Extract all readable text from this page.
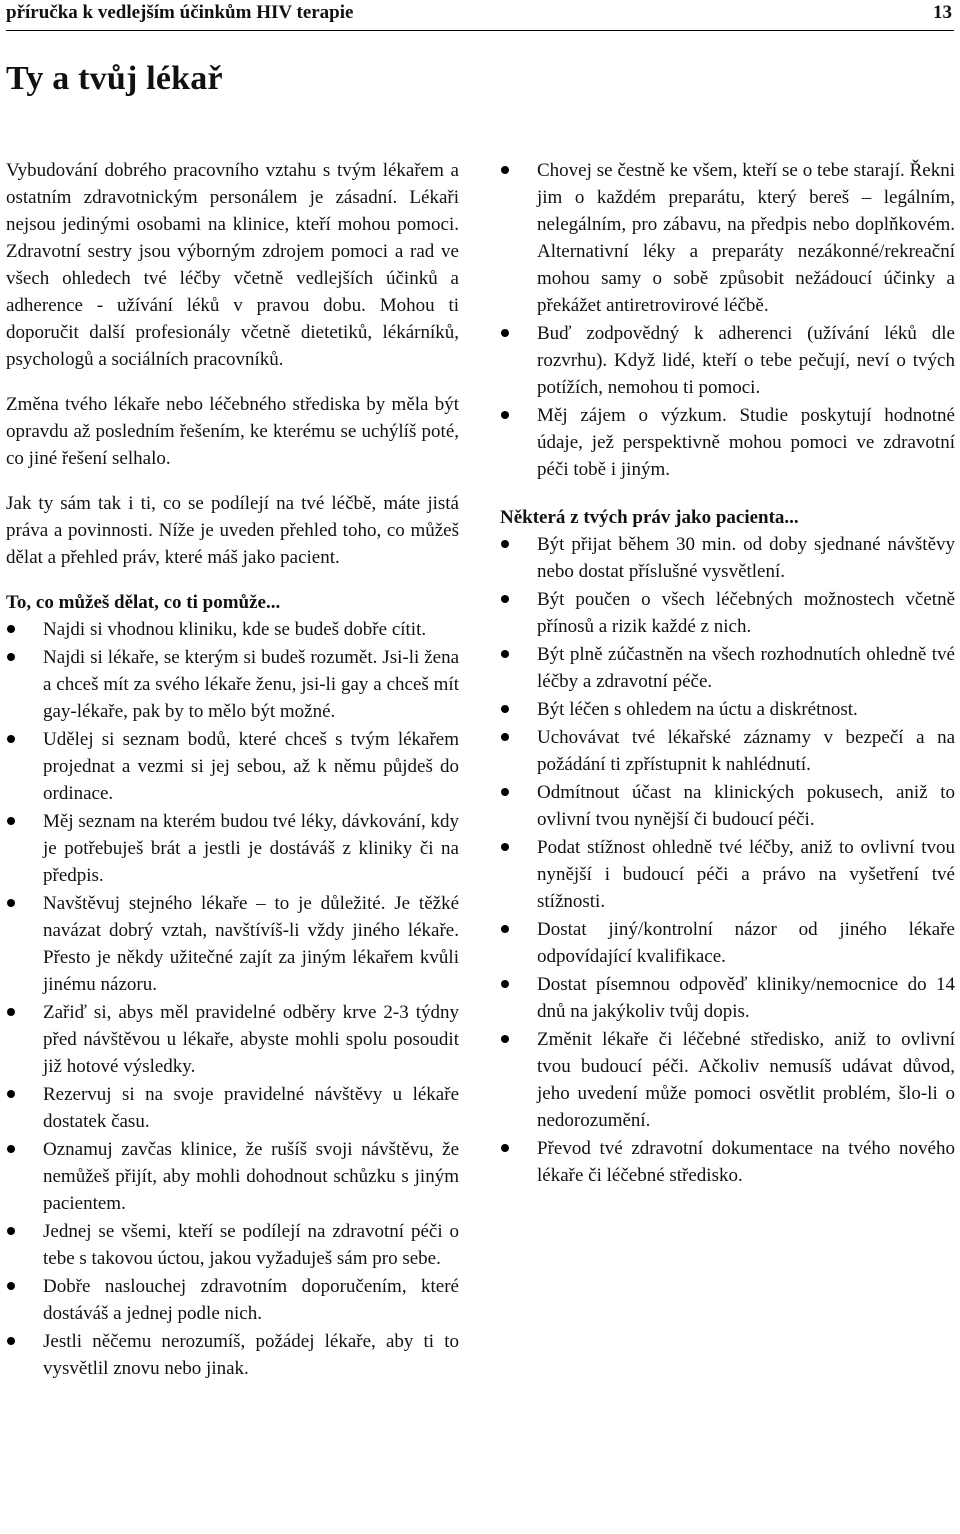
příručka k vedlejším účinkům HIV terapie	13
Ty a tvůj lékař

Vybudování dobrého pracovního vztahu s tvým lékařem a ostatním zdravotnickým personálem je zásadní. Lékaři nejsou jedinými osobami na klinice, kteří mohou pomoci. Zdravotní sestry jsou výborným zdrojem pomoci a rad ve všech ohledech tvé léčby včetně vedlejších účinků a adherence - užívání léků v pravou dobu. Mohou ti doporučit další profesionály včetně dietetiků, lékárníků, psychologů a sociálních pracovníků.

Změna tvého lékaře nebo léčebného střediska by měla být opravdu až posledním řešením, ke kterému se uchýlíš poté, co jiné řešení selhalo.

Jak ty sám tak i ti, co se podílejí na tvé léčbě, máte jistá práva a povinnosti. Níže je uveden přehled toho, co můžeš dělat a přehled práv, které máš jako pacient.

To, co můžeš dělat, co ti pomůže...
Najdi si vhodnou kliniku, kde se budeš dobře cítit.
Najdi si lékaře, se kterým si budeš rozumět. Jsi-li žena a chceš mít za svého lékaře ženu, jsi-li gay a chceš mít gay-lékaře, pak by to mělo být možné.
Udělej si seznam bodů, které chceš s tvým lékařem projednat a vezmi si jej sebou, až k němu půjdeš do ordinace.
Měj seznam na kterém budou tvé léky, dávkování, kdy je potřebuješ brát a jestli je dostáváš z kliniky či na předpis.
Navštěvuj stejného lékaře – to je důležité. Je těžké navázat dobrý vztah, navštívíš-li vždy jiného lékaře. Přesto je někdy užitečné zajít za jiným lékařem kvůli jinému názoru.
Zařiď si, abys měl pravidelné odběry krve 2-3 týdny před návštěvou u lékaře, abyste mohli spolu posoudit již hotové výsledky.
Rezervuj si na svoje pravidelné návštěvy u lékaře dostatek času.
Oznamuj zavčas klinice, že rušíš svoji návštěvu, že nemůžeš přijít, aby mohli dohodnout schůzku s jiným pacientem.
Jednej se všemi, kteří se podílejí na zdravotní péči o tebe s takovou úctou, jakou vyžaduješ sám pro sebe.
Dobře naslouchej zdravotním doporučením, které dostáváš a jednej podle nich.
Jestli něčemu nerozumíš, požádej lékaře, aby ti to vysvětlil znovu nebo jinak.
Chovej se čestně ke všem, kteří se o tebe starají. Řekni jim o každém preparátu, který bereš – legálním, nelegálním, pro zábavu, na předpis nebo doplňkovém. Alternativní léky a preparáty nezákonné/rekreační mohou samy o sobě způsobit nežádoucí účinky a překážet antiretrovirové léčbě.
Buď zodpovědný k adherenci (užívání léků dle rozvrhu). Když lidé, kteří o tebe pečují, neví o tvých potížích, nemohou ti pomoci.
Měj zájem o výzkum. Studie poskytují hodnotné údaje, jež perspektivně mohou pomoci ve zdravotní péči tobě i jiným.
Některá z tvých práv jako pacienta...
Být přijat během 30 min. od doby sjednané návštěvy nebo dostat příslušné vysvětlení.
Být poučen o všech léčebných možnostech včetně přínosů a rizik každé z nich.
Být plně zúčastněn na všech rozhodnutích ohledně tvé léčby a zdravotní péče.
Být léčen s ohledem na úctu a diskrétnost.
Uchovávat tvé lékařské záznamy v bezpečí a na požádání ti zpřístupnit k nahlédnutí.
Odmítnout účast na klinických pokusech, aniž to ovlivní tvou nynější či budoucí péči.
Podat stížnost ohledně tvé léčby, aniž to ovlivní tvou nynější i budoucí péči a právo na vyšetření tvé stížnosti.
Dostat jiný/kontrolní názor od jiného lékaře odpovídající kvalifikace.
Dostat písemnou odpověď kliniky/nemocnice do 14 dnů na jakýkoliv tvůj dopis.
Změnit lékaře či léčebné středisko, aniž to ovlivní tvou budoucí péči. Ačkoliv nemusíš udávat důvod, jeho uvedení může pomoci osvětlit problém, šlo-li o nedorozumění.
Převod tvé zdravotní dokumentace na tvého nového lékaře či léčebné středisko.
